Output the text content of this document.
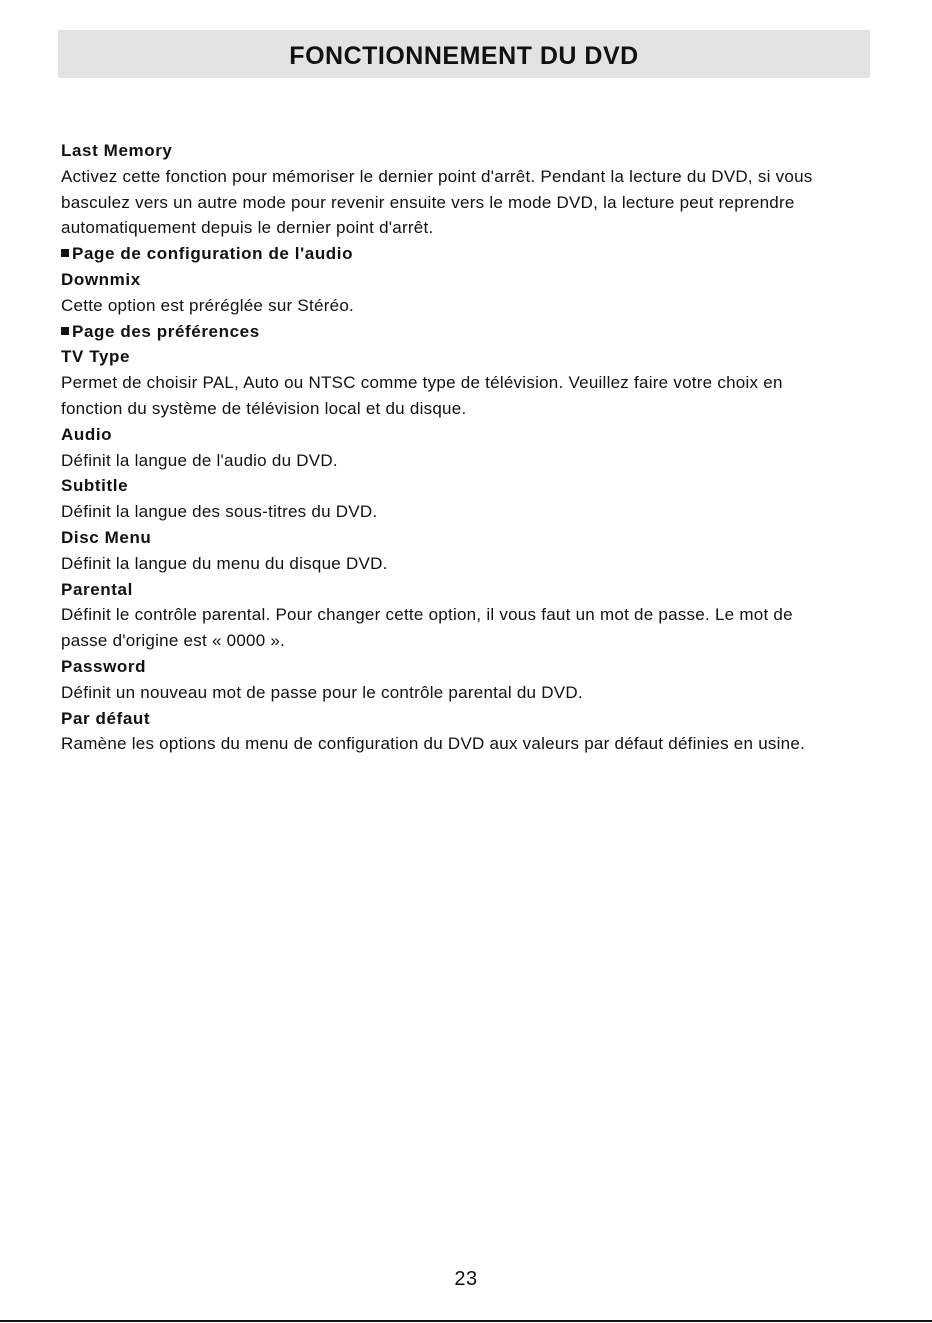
FONCTIONNEMENT DU DVD
Last Memory
Activez cette fonction pour mémoriser le dernier point d'arrêt. Pendant la lecture du DVD, si vous
basculez vers un autre mode pour revenir ensuite vers le mode DVD, la lecture peut reprendre
automatiquement depuis le dernier point d'arrêt.
Page de configuration de l'audio
Downmix
Cette option est préréglée sur Stéréo.
Page des préférences
TV Type
Permet de choisir PAL, Auto ou NTSC comme type de télévision. Veuillez faire votre choix en
fonction du système de télévision local et du disque.
Audio
Définit la langue de l'audio du DVD.
Subtitle
Définit la langue des sous-titres du DVD.
Disc Menu
Définit la langue du menu du disque DVD.
Parental
Définit le contrôle parental. Pour changer cette option, il vous faut un mot de passe. Le mot de
passe d'origine est « 0000 ».
Password
Définit un nouveau mot de passe pour le contrôle parental du DVD.
Par défaut
Ramène les options du menu de configuration du DVD aux valeurs par défaut définies en usine.
23
